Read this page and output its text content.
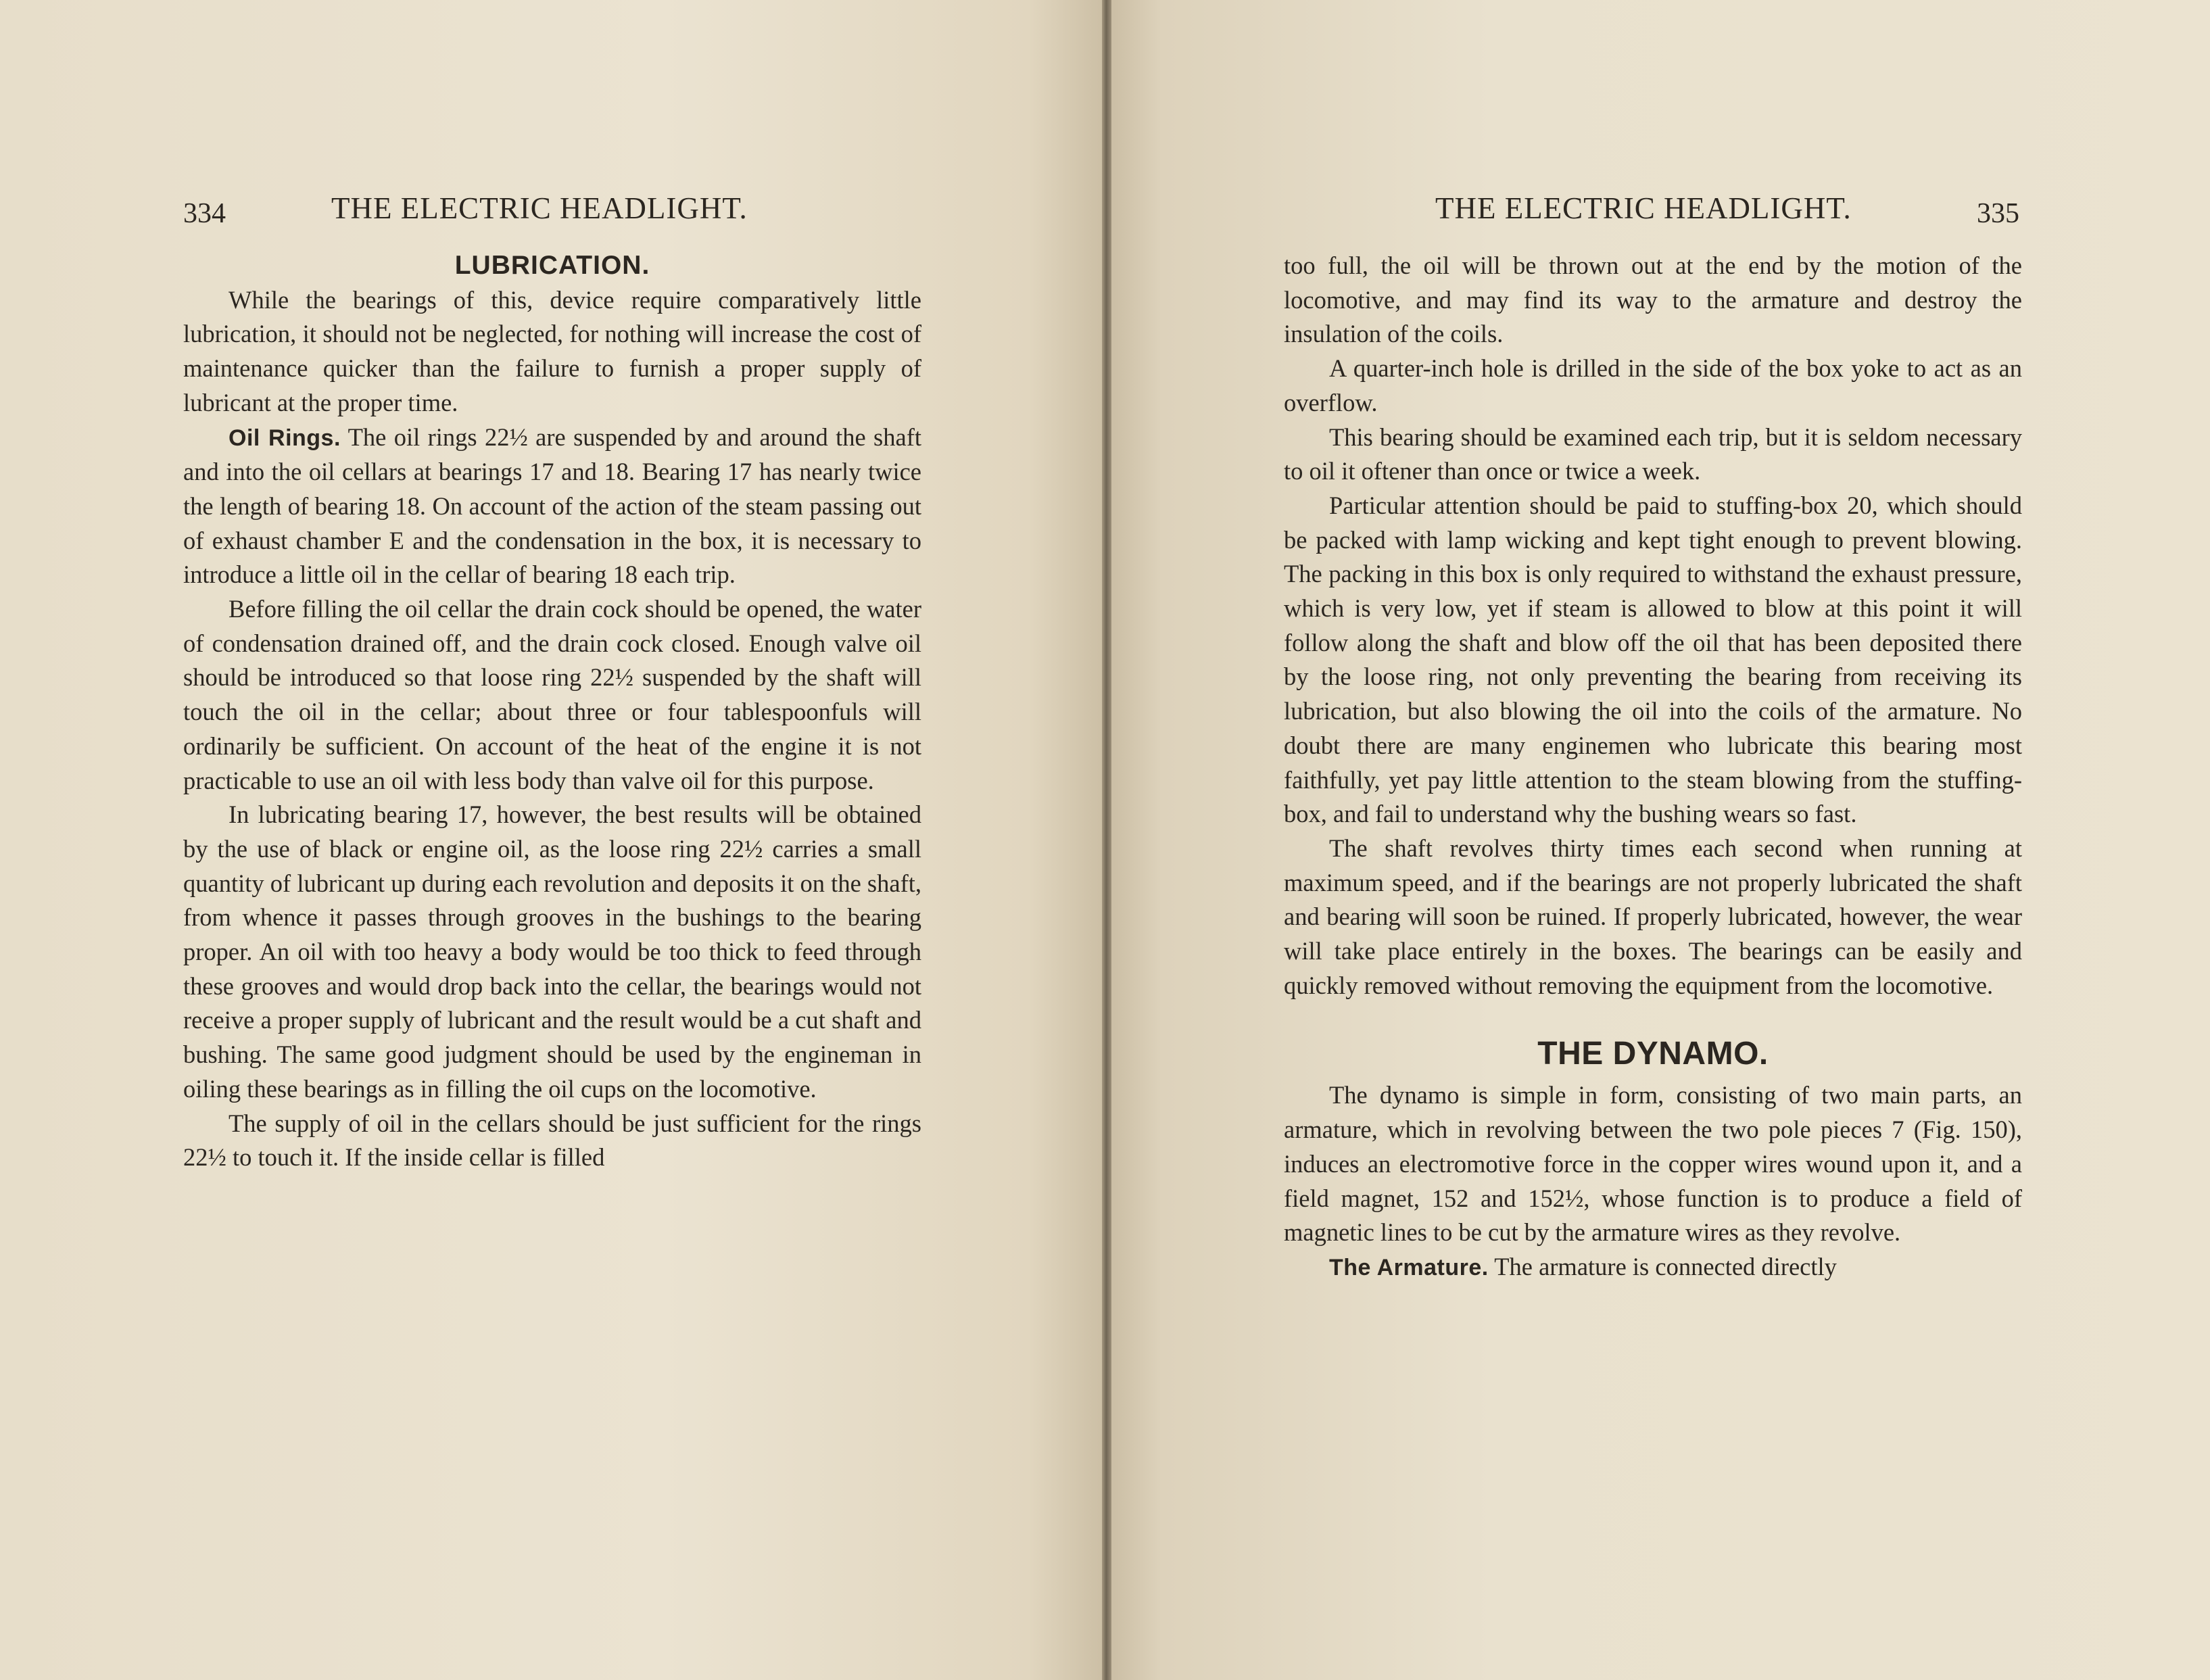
334	THE ELECTRIC HEADLIGHT.
LUBRICATION.

While the bearings of this, device require comparatively little lubrication, it should not be neglected, for nothing will increase the cost of maintenance quicker than the failure to furnish a proper supply of lubricant at the proper time.

Oil Rings. The oil rings 22½ are suspended by and around the shaft and into the oil cellars at bearings 17 and 18. Bearing 17 has nearly twice the length of bearing 18. On account of the action of the steam passing out of exhaust chamber E and the condensation in the box, it is necessary to introduce a little oil in the cellar of bearing 18 each trip.

Before filling the oil cellar the drain cock should be opened, the water of condensation drained off, and the drain cock closed. Enough valve oil should be introduced so that loose ring 22½ suspended by the shaft will touch the oil in the cellar; about three or four tablespoonfuls will ordinarily be sufficient. On account of the heat of the engine it is not practicable to use an oil with less body than valve oil for this purpose.

In lubricating bearing 17, however, the best results will be obtained by the use of black or engine oil, as the loose ring 22½ carries a small quantity of lubricant up during each revolution and deposits it on the shaft, from whence it passes through grooves in the bushings to the bearing proper. An oil with too heavy a body would be too thick to feed through these grooves and would drop back into the cellar, the bearings would not receive a proper supply of lubricant and the result would be a cut shaft and bushing. The same good judgment should be used by the engineman in oiling these bearings as in filling the oil cups on the locomotive.

The supply of oil in the cellars should be just sufficient for the rings 22½ to touch it. If the inside cellar is filled

THE ELECTRIC HEADLIGHT.	335

too full, the oil will be thrown out at the end by the motion of the locomotive, and may find its way to the armature and destroy the insulation of the coils.

A quarter-inch hole is drilled in the side of the box yoke to act as an overflow.

This bearing should be examined each trip, but it is seldom necessary to oil it oftener than once or twice a week.

Particular attention should be paid to stuffing-box 20, which should be packed with lamp wicking and kept tight enough to prevent blowing. The packing in this box is only required to withstand the exhaust pressure, which is very low, yet if steam is allowed to blow at this point it will follow along the shaft and blow off the oil that has been deposited there by the loose ring, not only preventing the bearing from receiving its lubrication, but also blowing the oil into the coils of the armature. No doubt there are many enginemen who lubricate this bearing most faithfully, yet pay little attention to the steam blowing from the stuffing-box, and fail to understand why the bushing wears so fast.

The shaft revolves thirty times each second when running at maximum speed, and if the bearings are not properly lubricated the shaft and bearing will soon be ruined. If properly lubricated, however, the wear will take place entirely in the boxes. The bearings can be easily and quickly removed without removing the equipment from the locomotive.

THE DYNAMO.

The dynamo is simple in form, consisting of two main parts, an armature, which in revolving between the two pole pieces 7 (Fig. 150), induces an electromotive force in the copper wires wound upon it, and a field magnet, 152 and 152½, whose function is to produce a field of magnetic lines to be cut by the armature wires as they revolve.

The Armature. The armature is connected directly
